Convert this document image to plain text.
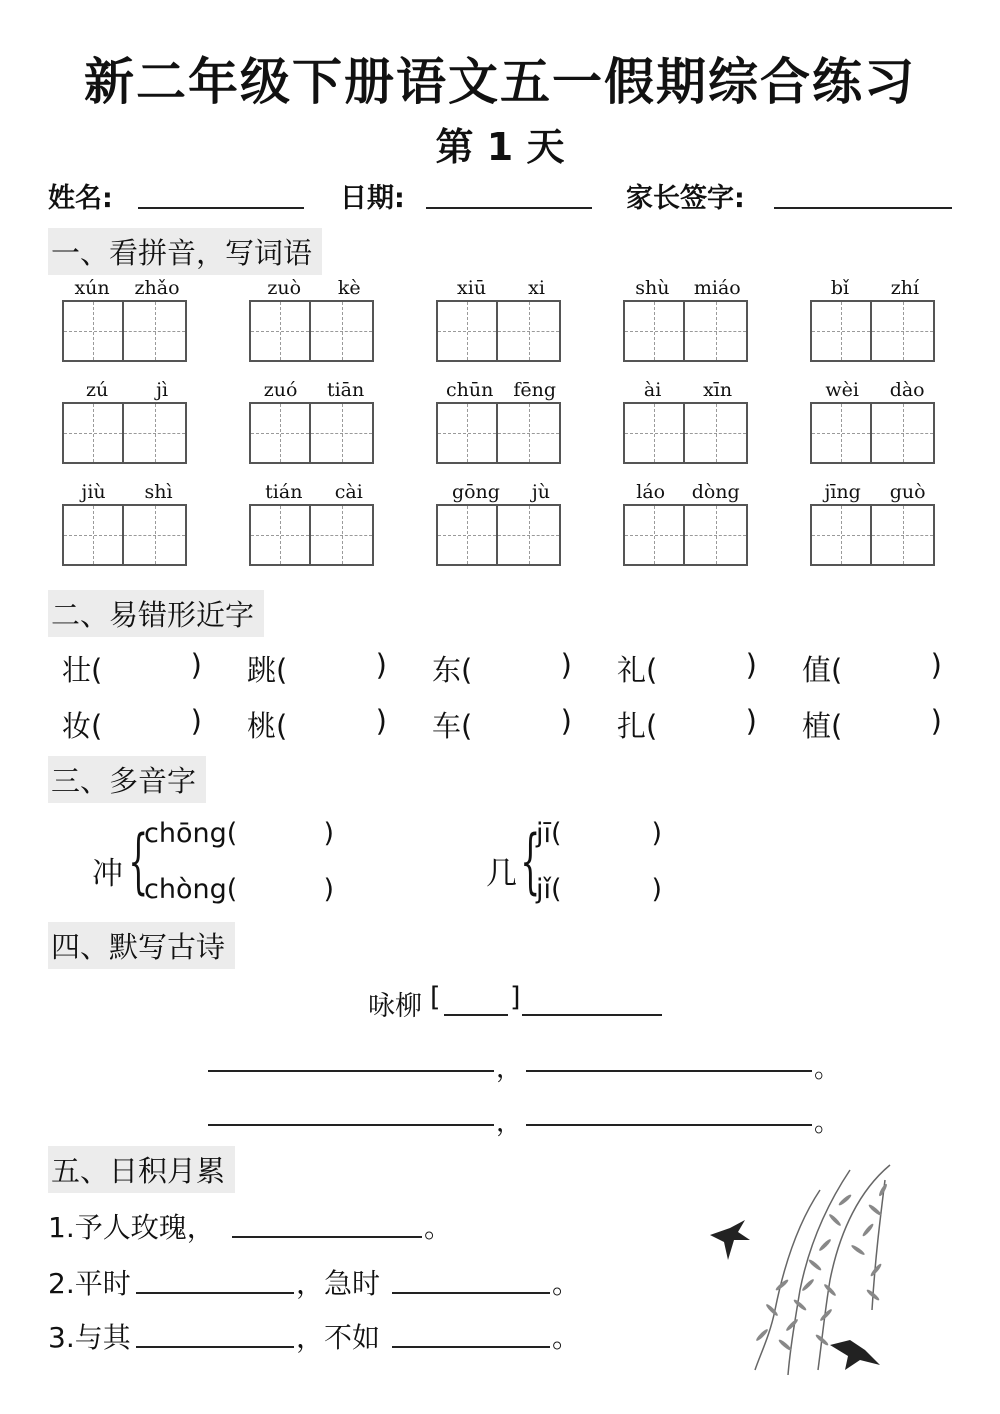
新二年级下册语文五一假期综合练习
第 1 天
姓名:	日期:	家长签字:
一、看拼音，写词语
xún zhǎo	zuò kè	xiū xi	shù miáo	bǐ zhí
zú	jì	zuó tiān	chūn fēng	ài xīn	wèi dào
jiù shì	tián cài	gōng jù	láo dòng	jīng guò
二、易错形近字
壮(	) 跳(	) 东(	) 礼(	) 值(	)
妆(	) 桃(	) 车(	) 扎(	) 植(	)
三、多音字
冲 {
chōng(	)
chòng(	)	几 {
jī(	)
jǐ(	)
四、默写古诗
咏柳 [	]
，	。
，	。
五、日积月累
1.予人玫瑰，	。
2.平时	，急时	。
3.与其	，不如	。
